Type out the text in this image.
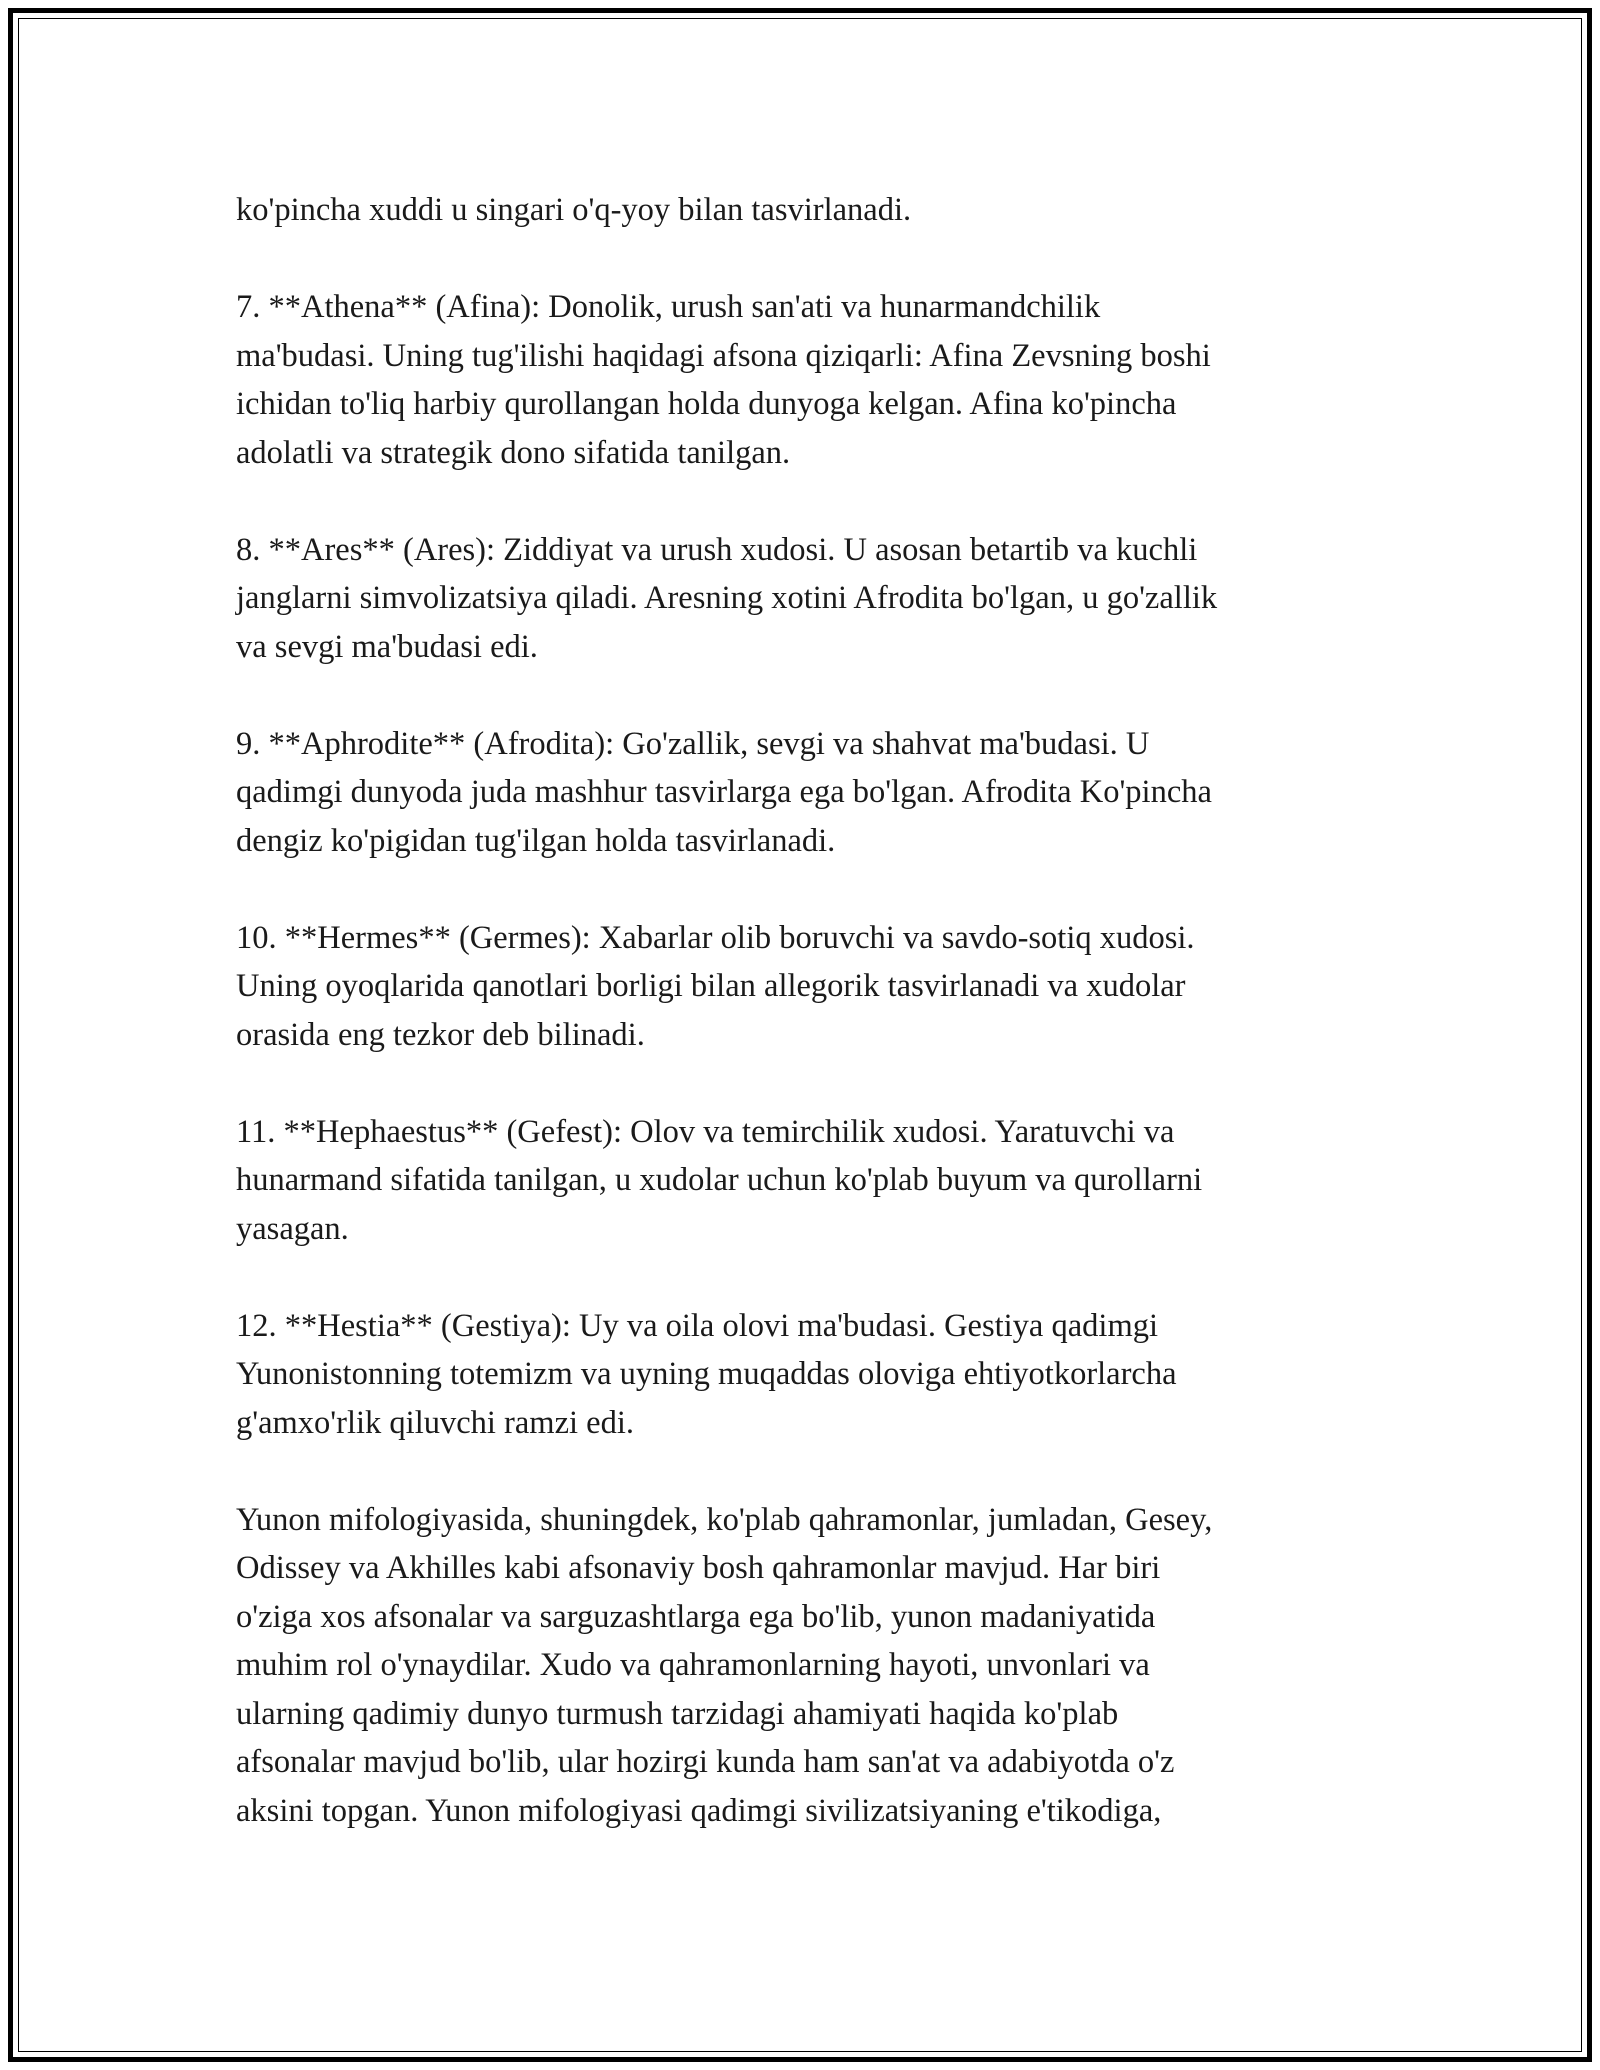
ko'pincha xuddi u singari o'q-yoy bilan tasvirlanadi.
7. **Athena** (Afina): Donolik, urush san'ati va hunarmandchilik
ma'budasi. Uning tug'ilishi haqidagi afsona qiziqarli: Afina Zevsning boshi
ichidan to'liq harbiy qurollangan holda dunyoga kelgan. Afina ko'pincha
adolatli va strategik dono sifatida tanilgan.
8. **Ares** (Ares): Ziddiyat va urush xudosi. U asosan betartib va kuchli
janglarni simvolizatsiya qiladi. Aresning xotini Afrodita bo'lgan, u go'zallik
va sevgi ma'budasi edi.
9. **Aphrodite** (Afrodita): Go'zallik, sevgi va shahvat ma'budasi. U
qadimgi dunyoda juda mashhur tasvirlarga ega bo'lgan. Afrodita Ko'pincha
dengiz ko'pigidan tug'ilgan holda tasvirlanadi.
10. **Hermes** (Germes): Xabarlar olib boruvchi va savdo-sotiq xudosi.
Uning oyoqlarida qanotlari borligi bilan allegorik tasvirlanadi va xudolar
orasida eng tezkor deb bilinadi.
11. **Hephaestus** (Gefest): Olov va temirchilik xudosi. Yaratuvchi va
hunarmand sifatida tanilgan, u xudolar uchun ko'plab buyum va qurollarni
yasagan.
12. **Hestia** (Gestiya): Uy va oila olovi ma'budasi. Gestiya qadimgi
Yunonistonning totemizm va uyning muqaddas oloviga ehtiyotkorlarcha
g'amxo'rlik qiluvchi ramzi edi.
Yunon mifologiyasida, shuningdek, ko'plab qahramonlar, jumladan, Gesey,
Odissey va Akhilles kabi afsonaviy bosh qahramonlar mavjud. Har biri
o'ziga xos afsonalar va sarguzashtlarga ega bo'lib, yunon madaniyatida
muhim rol o'ynaydilar. Xudo va qahramonlarning hayoti, unvonlari va
ularning qadimiy dunyo turmush tarzidagi ahamiyati haqida ko'plab
afsonalar mavjud bo'lib, ular hozirgi kunda ham san'at va adabiyotda o'z
aksini topgan. Yunon mifologiyasi qadimgi sivilizatsiyaning e'tikodiga,
